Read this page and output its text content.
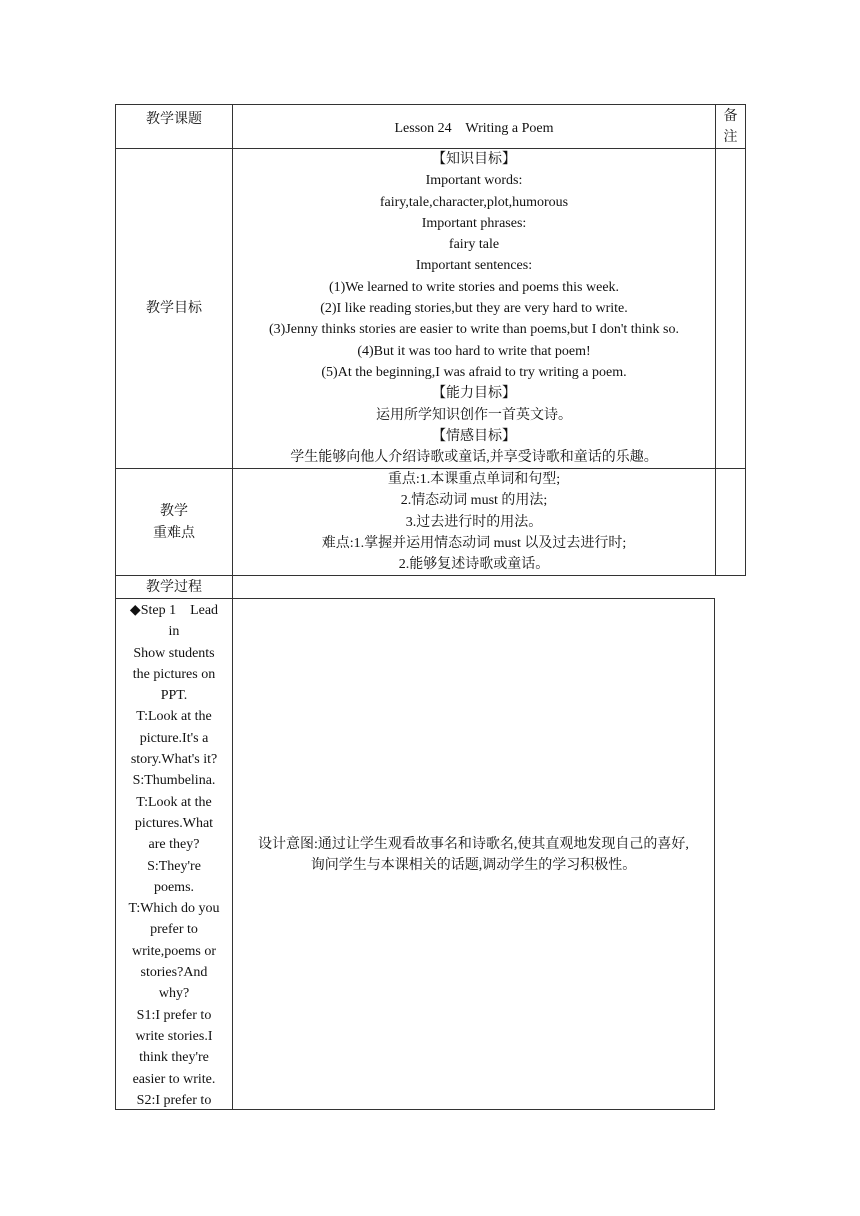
教学课题
Lesson 24    Writing a Poem
备
注
教学目标
【知识目标】
Important words:
fairy,tale,character,plot,humorous
Important phrases:
fairy tale
Important sentences:
(1)We learned to write stories and poems this week.
(2)I like reading stories,but they are very hard to write.
(3)Jenny thinks stories are easier to write than poems,but I don't think so.
(4)But it was too hard to write that poem!
(5)At the beginning,I was afraid to try writing a poem.
【能力目标】
运用所学知识创作一首英文诗。
【情感目标】
学生能够向他人介绍诗歌或童话,并享受诗歌和童话的乐趣。
教学
重难点
重点:1.本课重点单词和句型;
2.情态动词 must 的用法;
3.过去进行时的用法。
难点:1.掌握并运用情态动词 must 以及过去进行时;
2.能够复述诗歌或童话。
教学过程
◆Step 1    Lead
in
Show students
the pictures on
PPT.
T:Look at the
picture.It's a
story.What's it?
S:Thumbelina.
T:Look at the
pictures.What
are they?
S:They're
poems.
T:Which do you
prefer to
write,poems or
stories?And
why?
S1:I prefer to
write stories.I
think they're
easier to write.
S2:I prefer to
设计意图:通过让学生观看故事名和诗歌名,使其直观地发现自己的喜好,
询问学生与本课相关的话题,调动学生的学习积极性。
